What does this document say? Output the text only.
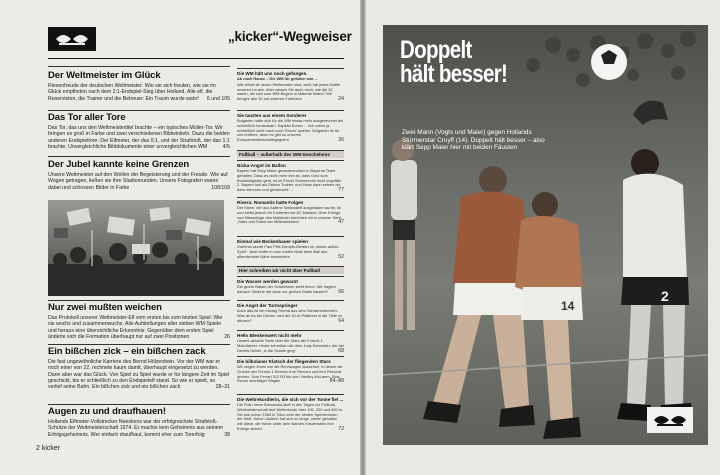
„kicker“-Wegweiser
Der Weltmeister im Glück
Riesenfreude der deutschen Weltmeister: Wie sie sich freuten, wie sie im Glück empfinden nach dem 2:1-Endspiel-Sieg über Holland. Alle elf, die Reservisten, die Trainer und die Betreuer: Ein Traum wurde wahr! 6 und 105
Das Tor aller Tore
Das Tor, das uns den Weltmeistertitel brachte – ein typisches Müller-Tor. Wir bringen es groß in Farbe und zwei verschiedenen Bildwinkeln. Dazu die beiden anderen Endspieltore: Der Elfmeter, der das 0:1, und der Strafstoß, der das 1:1 brachte. Unvergleichliche Bilddokumente einer unvergleichlichen WM	4/5
Der Jubel kannte keine Grenzen
Unsere Weltmeister auf den Wellen der Begeisterung und der Freude. Wie auf Wogen getragen, ließen sie ihre Stadionrunden. Unsere Fotografen waren dabei und schossen Bilder in Farbe	108/109
Nur zwei mußten weichen
Das Protokoll unserer Weltmeister-Elf vom ersten bis zum letzten Spiel: Wie sie wuchs und zusammenwuchs. Alle Aufstellungen aller sieben WM-Spiele und heraus eine übersichtliche Erkenntnis: Gegenüber dem ersten Spiel änderte sich die Formation überhaupt nur auf zwei Positionen	26
Ein bißchen zick – ein bißchen zack
Die fast ungewöhnliche Karriere des Bernd Hölzenbein. Vor der WM war er noch einer von 22, rechnete kaum damit, überhaupt eingesetzt zu werden. Dann aber war das Glück. Von Spiel zu Spiel wurde er für längere Zeit im Spiel geschickt, bis er schließlich zu den Endspielelf stand. So wie er spielt, so verlief seine Bahn. Ein bißchen zick und ein bißchen zack	28–31
Augen zu und draufhauen!
Hollands Elfmeter-Vollstrecker Neeskens war der erfolgreichste Strafstoß-Schütze der Weltmeisterschaft 1974. Er machte kein Geheimnis aus seinem Erfolgsgeheimnis. Wer einfach draufhaut, kommt eher zum Torerfolg	38
2 kicker
Die WM hält uns noch gefangen
Ab nach Hause – Die WM für gefallen war ...
Wie erlebt ist neuen Weltmeister sind, weiß hat jedes Kräfte unseren Leuten. Aber wissen Sie auch noch, wie die 32 waren, die sich zum WM-Beginn in Malente trafen? Wir bringen alle 32 auf unseren Farbfotos	24
Sie tanzten aus einem Sonderer
Bulgarien hatte sich für die WM etwas mehr ausgerechnet als schließlich herauskam. Kapitän Bonev ... lich nahm ja schließlich nicht nach noch 'Einzel' spielen. Bulgarien ist für uns entfernt, denn es gibt zu unseren Europameisterschaftsgegnern	36
Fußball – außerhalb des WM-Geschehens
Nicka-Angst im Ballon
Bayern hat Sepp Maier gewissermaßen in Bayerns Team gehalten. Dass es nicht mehr ihm ist, dass Geld zum Bundesligisten geht, ist im Einzel Sommerzeit nicht ungefähr 2. Bayern holt als Saison Trainer, und Haus dann setzen wir, dazu stimmen und gewünscht ...	77
Rivera: Romantis hatte Folgen
Der Mann, der aus Italiens Nationalelf ausgeladen wurde, ist und bleibt jedoch Mr Endtreter bei AC Mailand. Über Erfolge und Misserfolge des Mailänder berichten wir in unserer Serie „Stars und Stand der Millionenklubs“	47
Einmal wie Beckenbauer spielen
Zweimal wurde Paul Pöls Kampfs-Meister im „kicker-action-Spiel“. Jetzt durfte er zum ersten Male beim Ball aus allernächster Nähe bewundern	52
Hier schreiben wir nicht über Fußball
Die Wasser werden gewarnt
Die große Batam der Schwimmer steht bevor. Wir fragten danach: Welche der Asse vor großen Starts fasziert? 66
Die Angst der Turmspringer
Auch das ist ein etwaig Thema aus dem Schwimmbereich: Was ist los bei Günter, weil der 10-m-Plattform in die Tiefe zu stürzen?	64
Hello Blenkenwert nicht mehr
Unsere aktuelle Serie über die Stars der Formel-1-Motorfahrer. Heute schreiben wir über Jody Scheckter, der bei Dennis Hulme „in die Schule ging“	68
Die bilbolaner Klatsch der fliegenden Stars
Wir zeigen Ihnen wie die Rennwagen aussehen, in denen die Großen der Formel-1-Rennen ihre Rennen und ihre Rekorde drehen. Vom Ferrari 312 B3 bis zum Yardley McLaren. Eine Revue schnittiger Wagen	84–88
Die Weltrekordlerin, die sich vor der Tonne fiel ...
Die Polin Irena Szewinska läuft in den Tagen zur Fußball-Weltmeisterschaft drei Weltrekorde über 100, 200 und 400 m. Sie war schon 1964 in Tokio eine der besten Sprinterinnen der Welt. Keine Läuferin hat sich so lange „oben“ gehalten wie diese, die früher unter dem Namen Kirszenstein ihre Erfolge sichert	72
14
2
Doppelt
hält besser!
Zwei Mann (Vogts und Maier) gegen Hollands Stürmerstar Cruyff (14). Doppelt hält besser – also klärt Sepp Maier hier mit beiden Fäusten
